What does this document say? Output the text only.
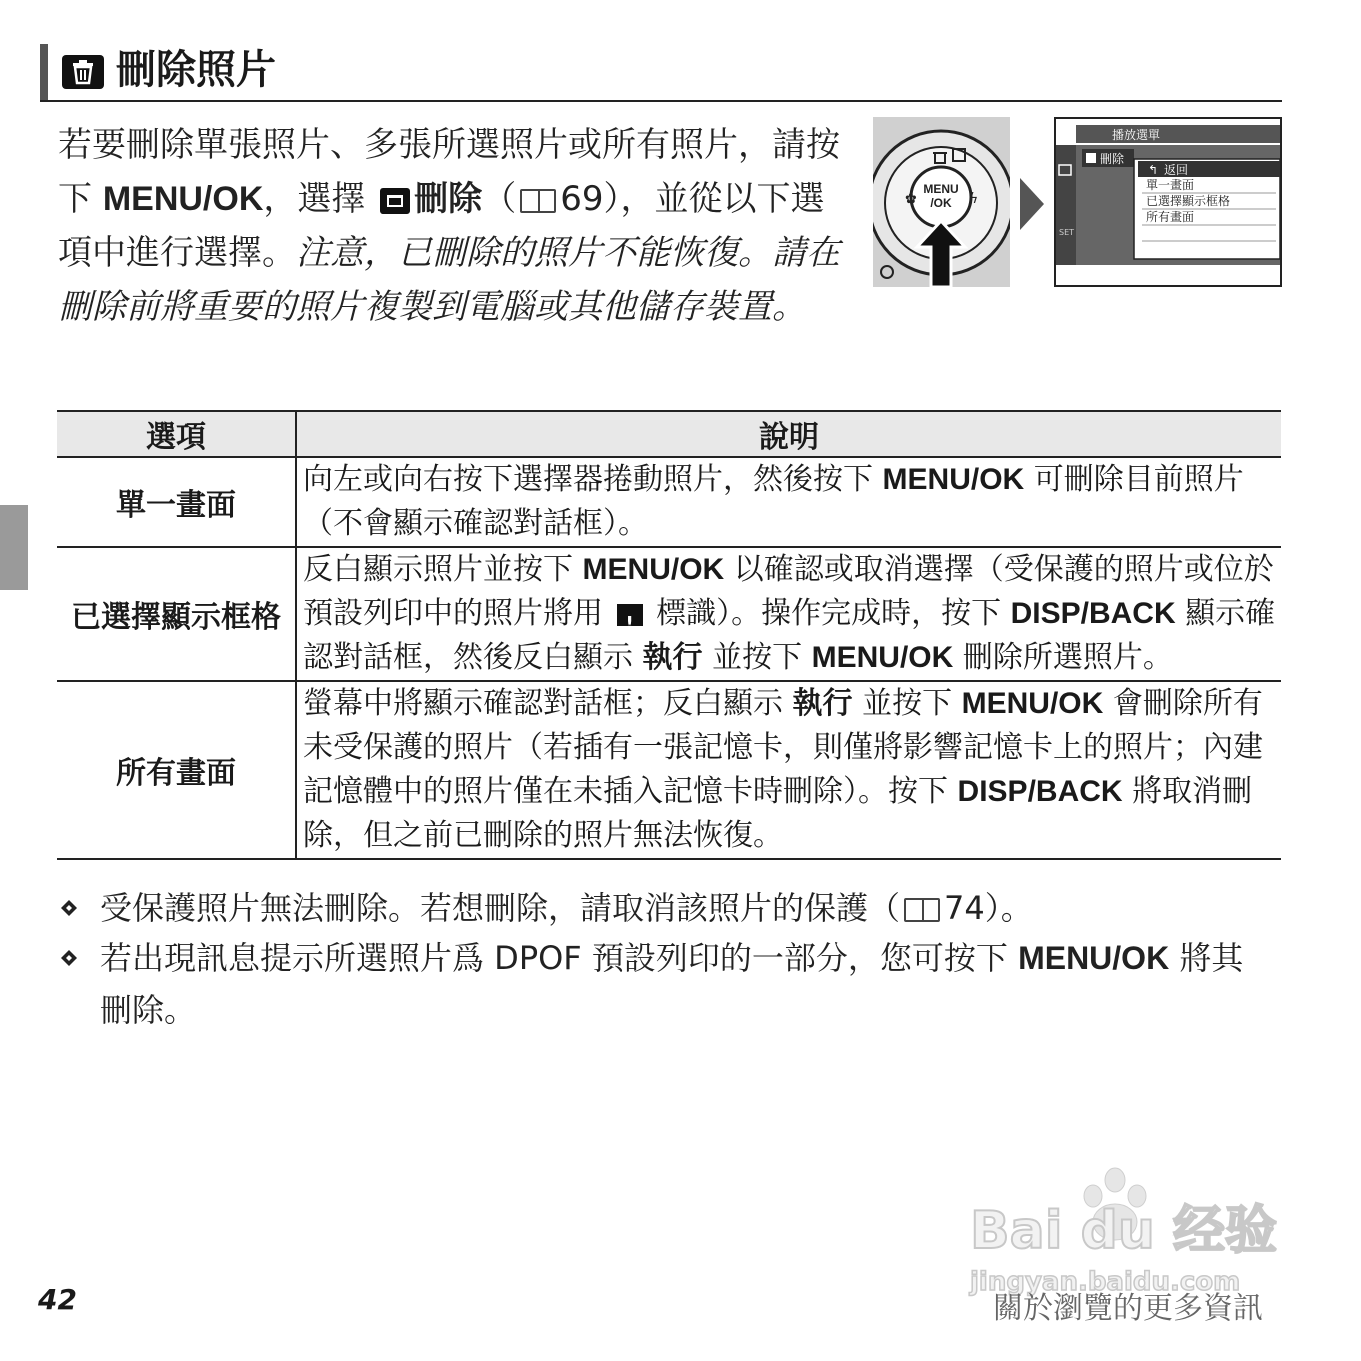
刪除照片
若要刪除單張照片、多張所選照片或所有照片，請按下 MENU/OK，選擇 刪除（ 69），並從以下選項中進行選擇。注意，已刪除的照片不能恢復。請在刪除前將重要的照片複製到電腦或其他儲存裝置。
MENU
/OK
✿	ϟ
播放選單
SET
刪除
↰ 返回
單一畫面
已選擇顯示框格
所有畫面
選項	說明
單一畫面	向左或向右按下選擇器捲動照片，然後按下 MENU/OK 可刪除目前照片（不會顯示確認對話框）。
已選擇顯示框格	反白顯示照片並按下 MENU/OK 以確認或取消選擇（受保護的照片或位於預設列印中的照片將用 ! 標識）。操作完成時，按下 DISP/BACK 顯示確認對話框，然後反白顯示 執行 並按下 MENU/OK 刪除所選照片。
所有畫面	螢幕中將顯示確認對話框；反白顯示 執行 並按下 MENU/OK 會刪除所有未受保護的照片（若插有一張記憶卡，則僅將影響記憶卡上的照片；內建記憶體中的照片僅在未插入記憶卡時刪除）。按下 DISP/BACK 將取消刪除，但之前已刪除的照片無法恢復。
受保護照片無法刪除。若想刪除，請取消該照片的保護（ 74）。
若出現訊息提示所選照片爲 DPOF 預設列印的一部分，您可按下 MENU/OK 將其刪除。
Bai du 经验
jingyan.baidu.com
42	關於瀏覽的更多資訊
